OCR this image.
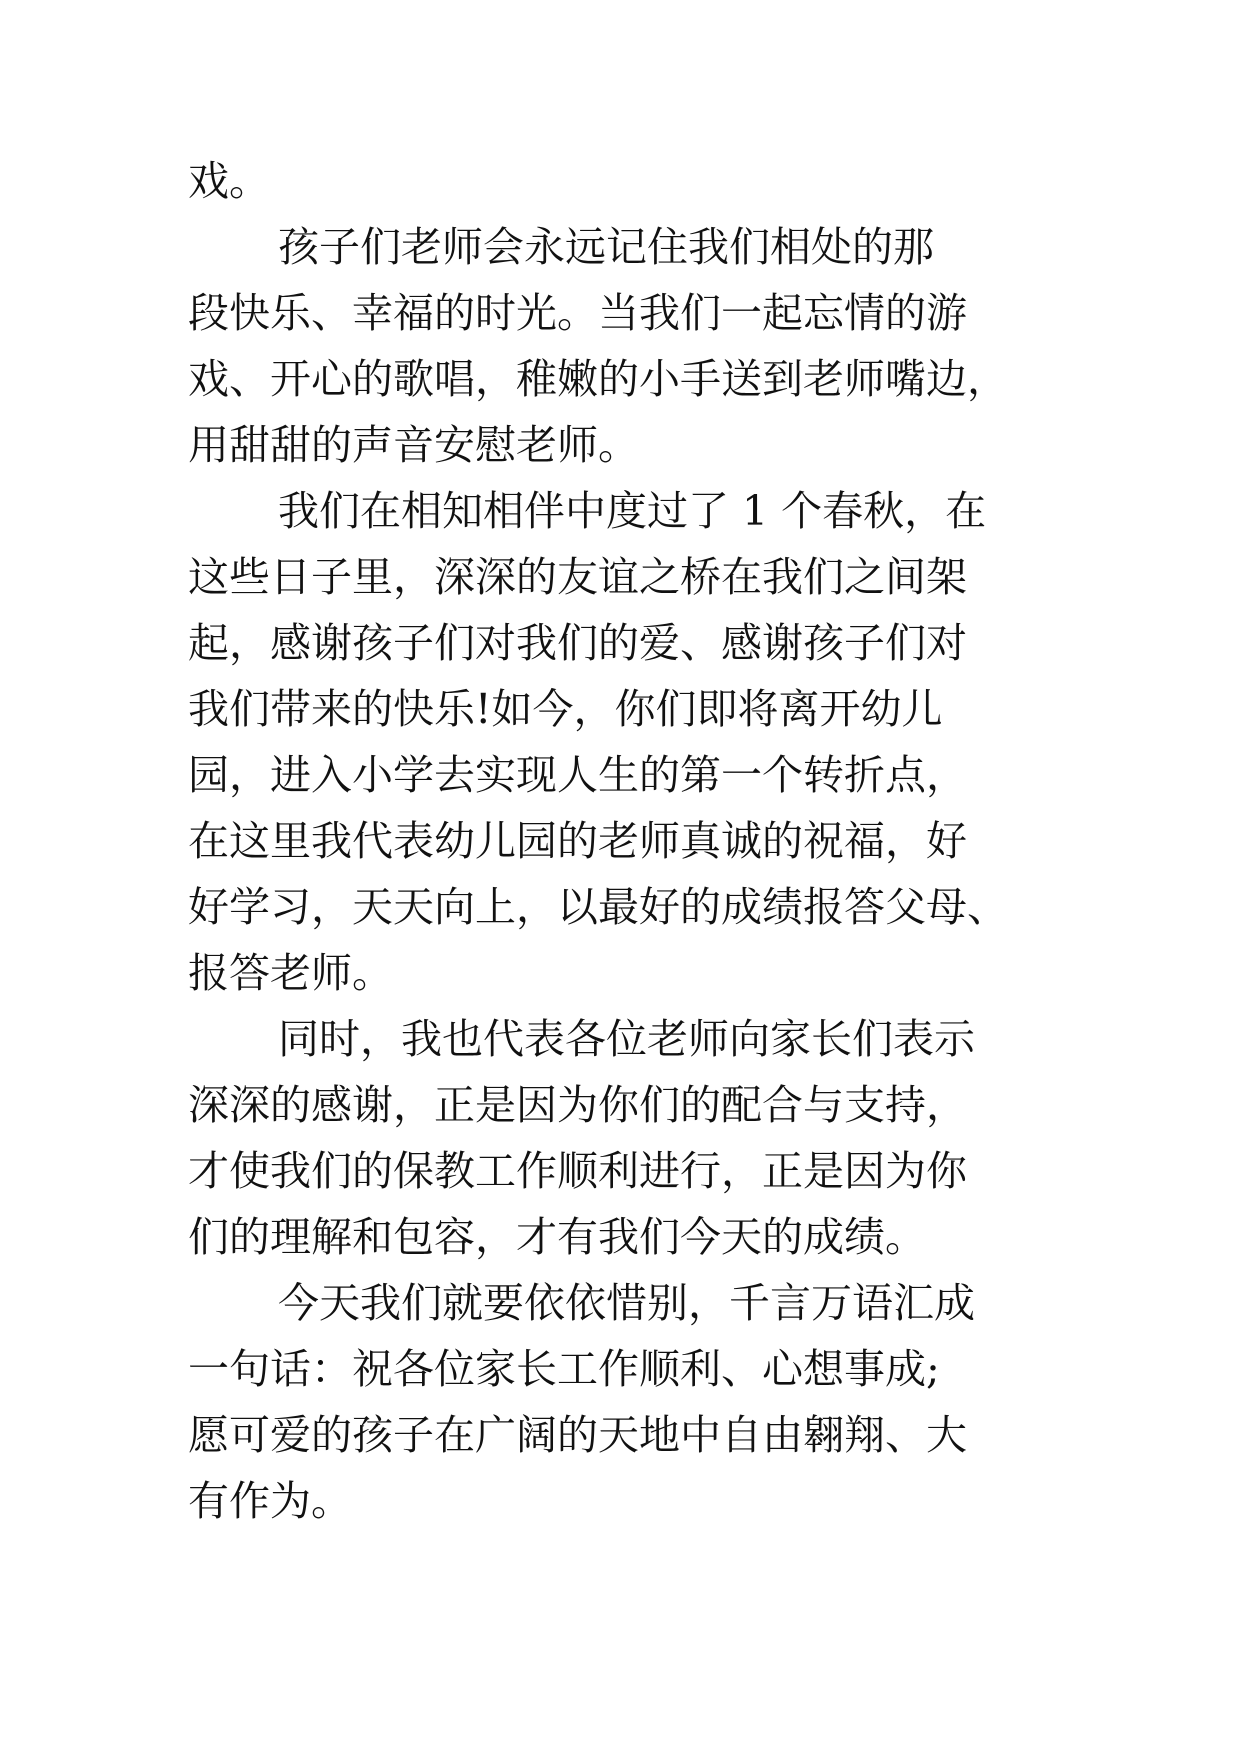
戏。
孩子们老师会永远记住我们相处的那
段快乐、幸福的时光。当我们一起忘情的游
戏、开心的歌唱，稚嫩的小手送到老师嘴边，
用甜甜的声音安慰老师。
我们在相知相伴中度过了 1 个春秋，在
这些日子里，深深的友谊之桥在我们之间架
起，感谢孩子们对我们的爱、感谢孩子们对
我们带来的快乐!如今，你们即将离开幼儿
园，进入小学去实现人生的第一个转折点，
在这里我代表幼儿园的老师真诚的祝福，好
好学习，天天向上，以最好的成绩报答父母、
报答老师。
同时，我也代表各位老师向家长们表示
深深的感谢，正是因为你们的配合与支持，
才使我们的保教工作顺利进行，正是因为你
们的理解和包容，才有我们今天的成绩。
今天我们就要依依惜别，千言万语汇成
一句话：祝各位家长工作顺利、心想事成;
愿可爱的孩子在广阔的天地中自由翱翔、大
有作为。
